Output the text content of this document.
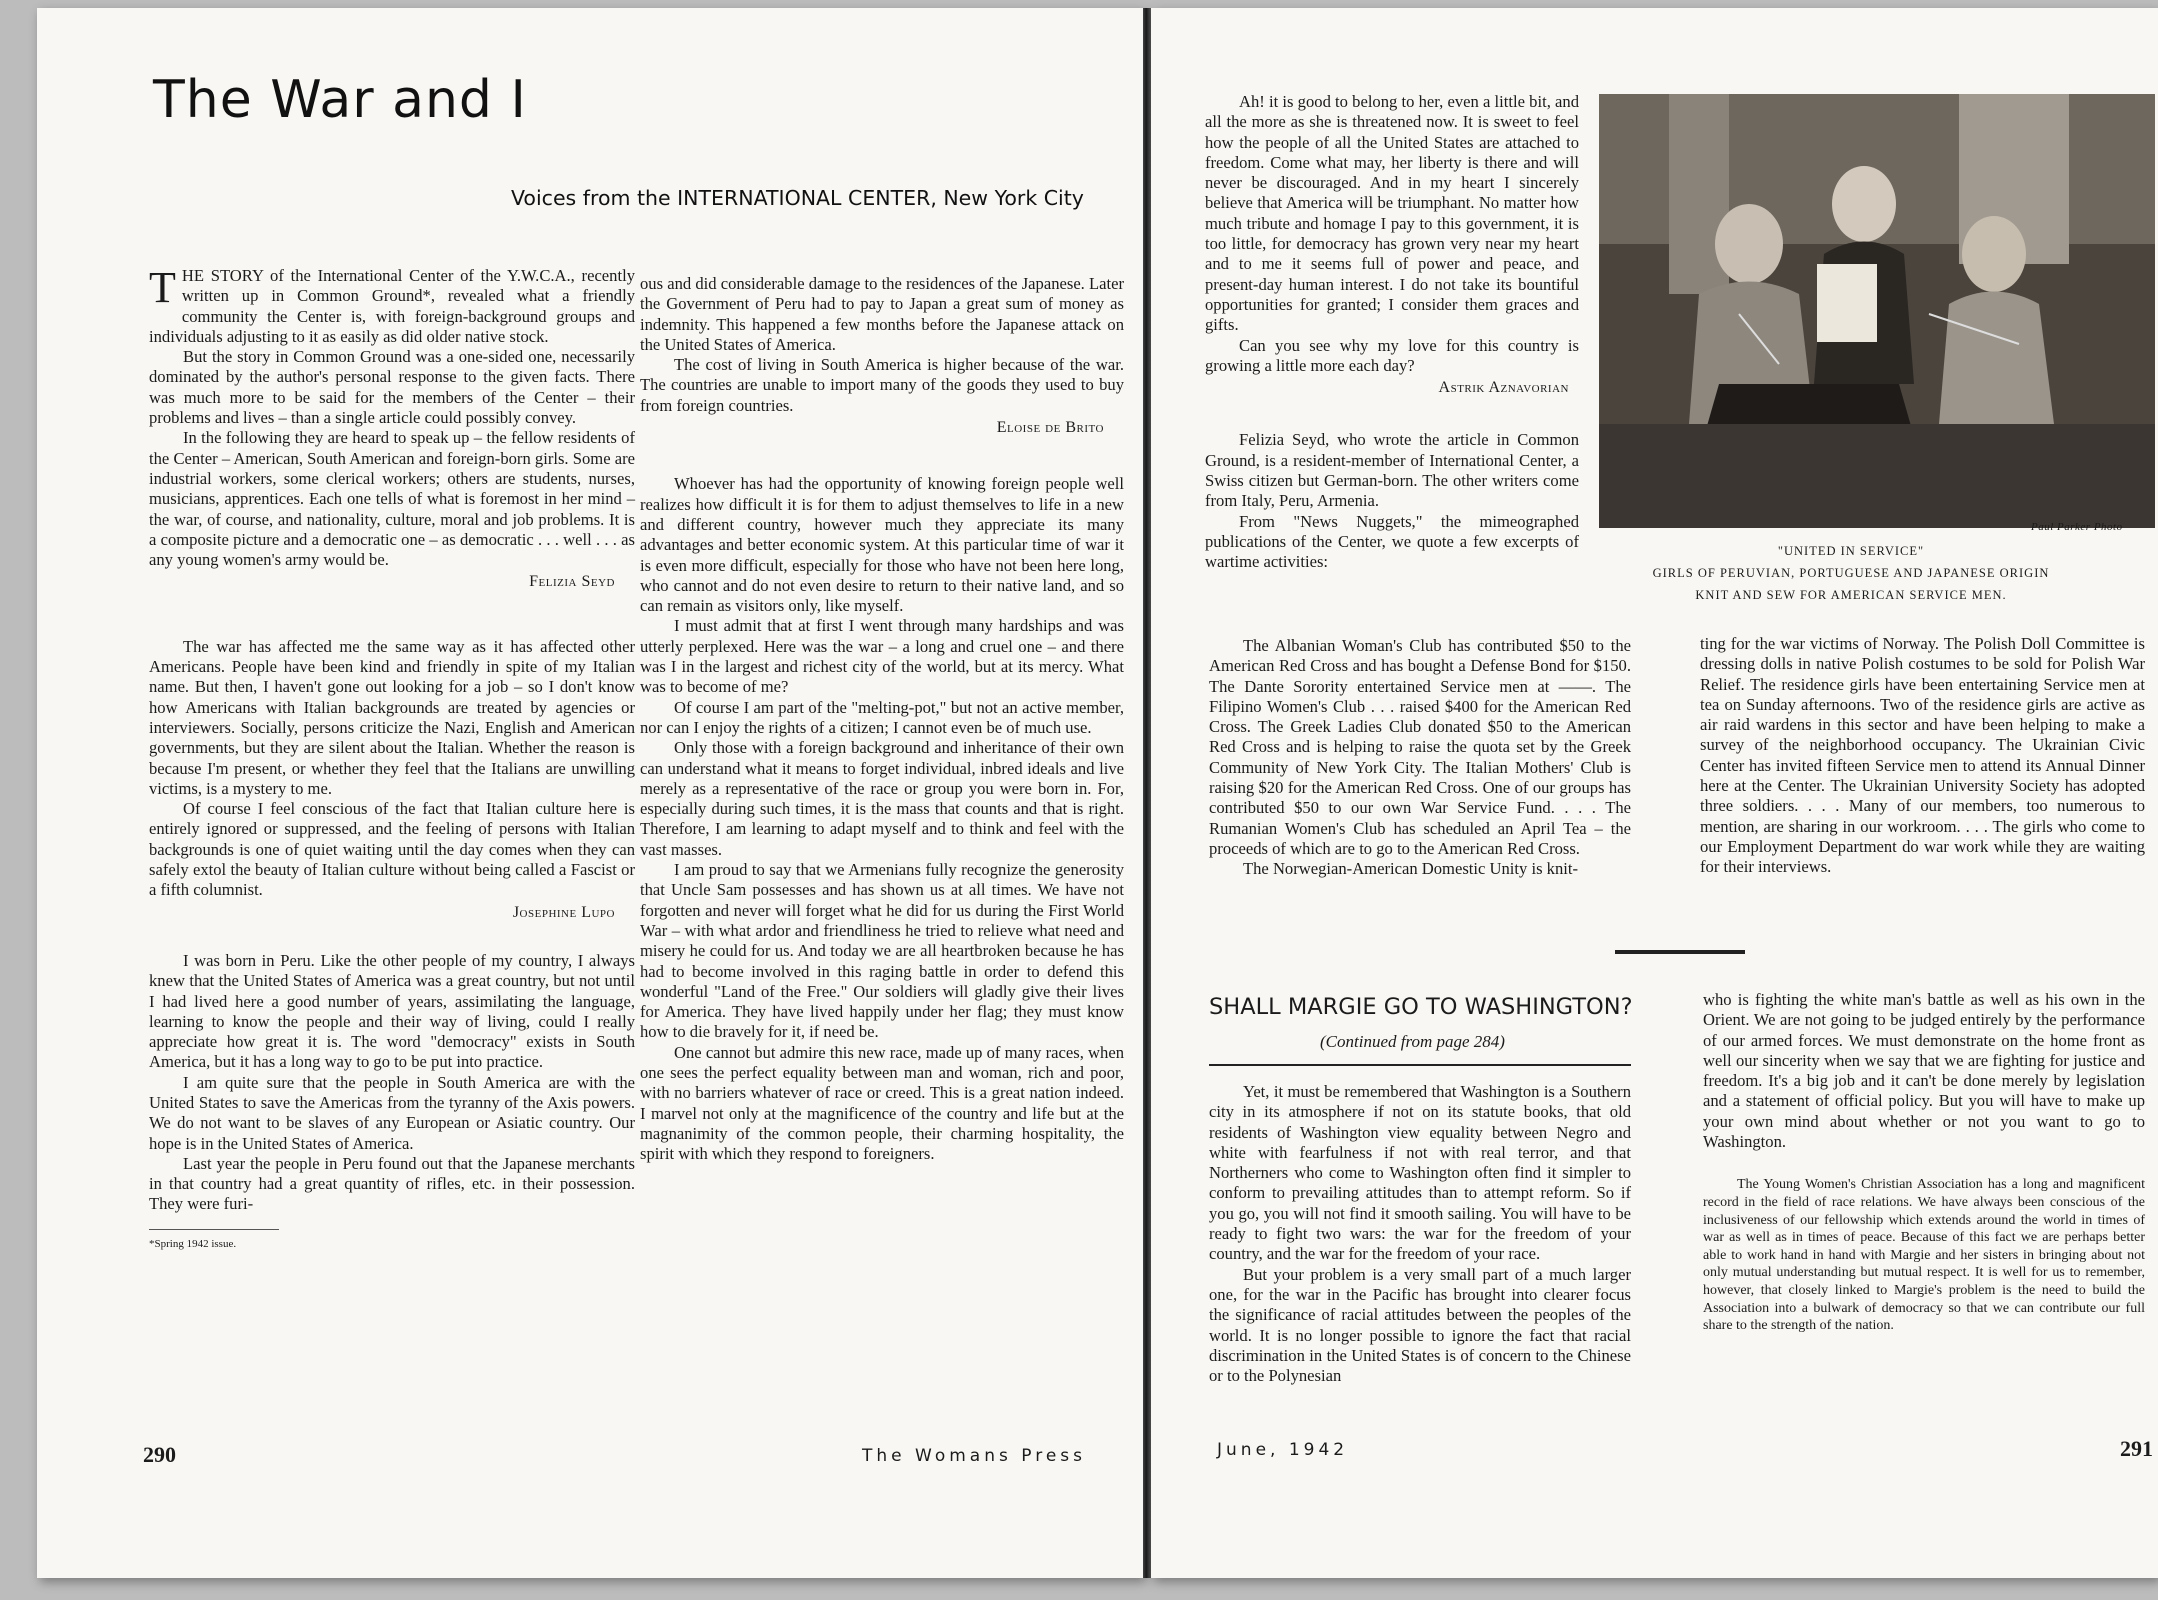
The War and I
Voices from the INTERNATIONAL CENTER, New York City

THE STORY of the International Center of the Y.W.C.A., recently written up in Common Ground*, revealed what a friendly community the Center is, with foreign-background groups and individuals adjusting to it as easily as did older native stock.

But the story in Common Ground was a one-sided one, necessarily dominated by the author's personal response to the given facts. There was much more to be said for the members of the Center – their problems and lives – than a single article could possibly convey.

In the following they are heard to speak up – the fellow residents of the Center – American, South American and foreign-born girls. Some are industrial workers, some clerical workers; others are students, nurses, musicians, apprentices. Each one tells of what is foremost in her mind – the war, of course, and nationality, culture, moral and job problems. It is a composite picture and a democratic one – as democratic . . . well . . . as any young women's army would be.

Felizia Seyd

The war has affected me the same way as it has affected other Americans. People have been kind and friendly in spite of my Italian name. But then, I haven't gone out looking for a job – so I don't know how Americans with Italian backgrounds are treated by agencies or interviewers. Socially, persons criticize the Nazi, English and American governments, but they are silent about the Italian. Whether the reason is because I'm present, or whether they feel that the Italians are unwilling victims, is a mystery to me.

Of course I feel conscious of the fact that Italian culture here is entirely ignored or suppressed, and the feeling of persons with Italian backgrounds is one of quiet waiting until the day comes when they can safely extol the beauty of Italian culture without being called a Fascist or a fifth columnist.

Josephine Lupo

I was born in Peru. Like the other people of my country, I always knew that the United States of America was a great country, but not until I had lived here a good number of years, assimilating the language, learning to know the people and their way of living, could I really appreciate how great it is. The word "democracy" exists in South America, but it has a long way to go to be put into practice.

I am quite sure that the people in South America are with the United States to save the Americas from the tyranny of the Axis powers. We do not want to be slaves of any European or Asiatic country. Our hope is in the United States of America.

Last year the people in Peru found out that the Japanese merchants in that country had a great quantity of rifles, etc. in their possession. They were furi-

*Spring 1942 issue.

ous and did considerable damage to the residences of the Japanese. Later the Government of Peru had to pay to Japan a great sum of money as indemnity. This happened a few months before the Japanese attack on the United States of America.

The cost of living in South America is higher because of the war. The countries are unable to import many of the goods they used to buy from foreign countries.

Eloise de Brito

Whoever has had the opportunity of knowing foreign people well realizes how difficult it is for them to adjust themselves to life in a new and different country, however much they appreciate its many advantages and better economic system. At this particular time of war it is even more difficult, especially for those who have not been here long, who cannot and do not even desire to return to their native land, and so can remain as visitors only, like myself.

I must admit that at first I went through many hardships and was utterly perplexed. Here was the war – a long and cruel one – and there was I in the largest and richest city of the world, but at its mercy. What was to become of me?

Of course I am part of the "melting-pot," but not an active member, nor can I enjoy the rights of a citizen; I cannot even be of much use.

Only those with a foreign background and inheritance of their own can understand what it means to forget individual, inbred ideals and live merely as a representative of the race or group you were born in. For, especially during such times, it is the mass that counts and that is right. Therefore, I am learning to adapt myself and to think and feel with the vast masses.

I am proud to say that we Armenians fully recognize the generosity that Uncle Sam possesses and has shown us at all times. We have not forgotten and never will forget what he did for us during the First World War – with what ardor and friendliness he tried to relieve what need and misery he could for us. And today we are all heartbroken because he has had to become involved in this raging battle in order to defend this wonderful "Land of the Free." Our soldiers will gladly give their lives for America. They have lived happily under her flag; they must know how to die bravely for it, if need be.

One cannot but admire this new race, made up of many races, when one sees the perfect equality between man and woman, rich and poor, with no barriers whatever of race or creed. This is a great nation indeed. I marvel not only at the magnificence of the country and life but at the magnanimity of the common people, their charming hospitality, the spirit with which they respond to foreigners.

290	The Womans Press

Ah! it is good to belong to her, even a little bit, and all the more as she is threatened now. It is sweet to feel how the people of all the United States are attached to freedom. Come what may, her liberty is there and will never be discouraged. And in my heart I sincerely believe that America will be triumphant. No matter how much tribute and homage I pay to this government, it is too little, for democracy has grown very near my heart and to me it seems full of power and peace, and present-day human interest. I do not take its bountiful opportunities for granted; I consider them graces and gifts.

Can you see why my love for this country is growing a little more each day?

Astrik Aznavorian

Felizia Seyd, who wrote the article in Common Ground, is a resident-member of International Center, a Swiss citizen but German-born. The other writers come from Italy, Peru, Armenia.

From "News Nuggets," the mimeographed publications of the Center, we quote a few excerpts of wartime activities:

Paul Parker Photo
"UNITED IN SERVICE"
GIRLS OF PERUVIAN, PORTUGUESE AND JAPANESE ORIGIN
KNIT AND SEW FOR AMERICAN SERVICE MEN.

The Albanian Woman's Club has contributed $50 to the American Red Cross and has bought a Defense Bond for $150. The Dante Sorority entertained Service men at ——. The Filipino Women's Club . . . raised $400 for the American Red Cross. The Greek Ladies Club donated $50 to the American Red Cross and is helping to raise the quota set by the Greek Community of New York City. The Italian Mothers' Club is raising $20 for the American Red Cross. One of our groups has contributed $50 to our own War Service Fund. . . . The Rumanian Women's Club has scheduled an April Tea – the proceeds of which are to go to the American Red Cross.

The Norwegian-American Domestic Unity is knit-

ting for the war victims of Norway. The Polish Doll Committee is dressing dolls in native Polish costumes to be sold for Polish War Relief. The residence girls have been entertaining Service men at tea on Sunday afternoons. Two of the residence girls are active as air raid wardens in this sector and have been helping to make a survey of the neighborhood occupancy. The Ukrainian Civic Center has invited fifteen Service men to attend its Annual Dinner here at the Center. The Ukrainian University Society has adopted three soldiers. . . . Many of our members, too numerous to mention, are sharing in our workroom. . . . The girls who come to our Employment Department do war work while they are waiting for their interviews.

SHALL MARGIE GO TO WASHINGTON?
(Continued from page 284)

Yet, it must be remembered that Washington is a Southern city in its atmosphere if not on its statute books, that old residents of Washington view equality between Negro and white with fearfulness if not with real terror, and that Northerners who come to Washington often find it simpler to conform to prevailing attitudes than to attempt reform. So if you go, you will not find it smooth sailing. You will have to be ready to fight two wars: the war for the freedom of your country, and the war for the freedom of your race.

But your problem is a very small part of a much larger one, for the war in the Pacific has brought into clearer focus the significance of racial attitudes between the peoples of the world. It is no longer possible to ignore the fact that racial discrimination in the United States is of concern to the Chinese or to the Polynesian

who is fighting the white man's battle as well as his own in the Orient. We are not going to be judged entirely by the performance of our armed forces. We must demonstrate on the home front as well our sincerity when we say that we are fighting for justice and freedom. It's a big job and it can't be done merely by legislation and a statement of official policy. But you will have to make up your own mind about whether or not you want to go to Washington.

The Young Women's Christian Association has a long and magnificent record in the field of race relations. We have always been conscious of the inclusiveness of our fellowship which extends around the world in times of war as well as in times of peace. Because of this fact we are perhaps better able to work hand in hand with Margie and her sisters in bringing about not only mutual understanding but mutual respect. It is well for us to remember, however, that closely linked to Margie's problem is the need to build the Association into a bulwark of democracy so that we can contribute our full share to the strength of the nation.

June, 1942	291
